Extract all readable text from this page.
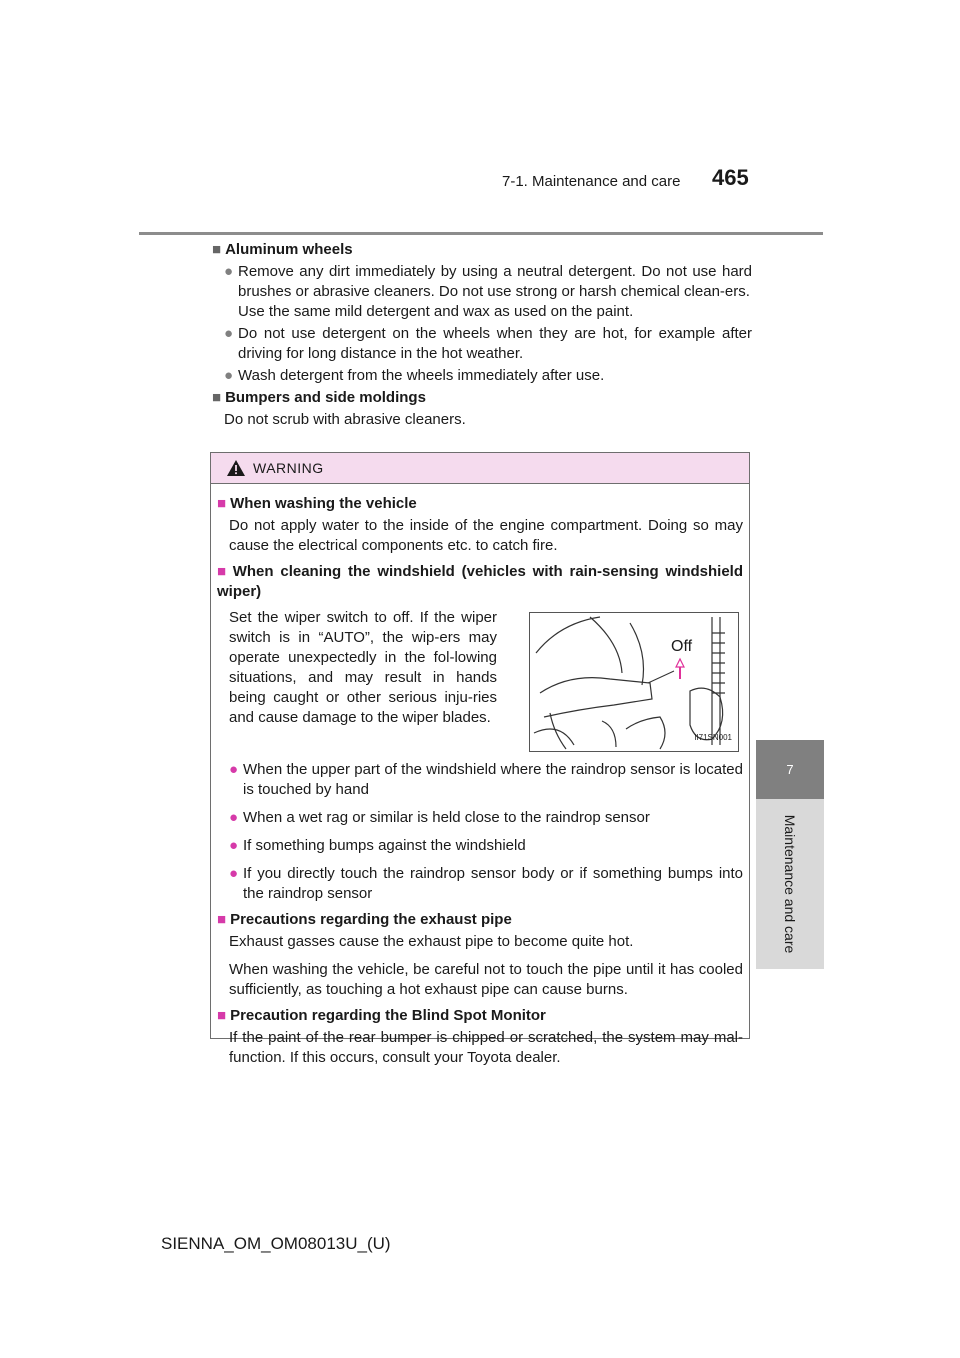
7-1. Maintenance and care 465
7
Maintenance and care

■ Aluminum wheels

● Remove any dirt immediately by using a neutral detergent. Do not use hard brushes or abrasive cleaners. Do not use strong or harsh chemical clean-ers.
Use the same mild detergent and wax as used on the paint.
● Do not use detergent on the wheels when they are hot, for example after driving for long distance in the hot weather.
● Wash detergent from the wheels immediately after use.

■ Bumpers and side moldings

Do not scrub with abrasive cleaners.
WARNING

■ When washing the vehicle

Do not apply water to the inside of the engine compartment. Doing so may cause the electrical components etc. to catch fire.

■ When cleaning the windshield (vehicles with rain-sensing windshield wiper)

Set the wiper switch to off. If the wiper switch is in “AUTO”, the wip-ers may operate unexpectedly in the fol-lowing situations, and may result in hands being caught or other serious inju-ries and cause damage to the wiper blades.
Off
II71SN001
● When the upper part of the windshield where the raindrop sensor is located is touched by hand
● When a wet rag or similar is held close to the raindrop sensor
● If something bumps against the windshield
● If you directly touch the raindrop sensor body or if something bumps into the raindrop sensor

■ Precautions regarding the exhaust pipe

Exhaust gasses cause the exhaust pipe to become quite hot.
When washing the vehicle, be careful not to touch the pipe until it has cooled sufficiently, as touching a hot exhaust pipe can cause burns.

■ Precaution regarding the Blind Spot Monitor

If the paint of the rear bumper is chipped or scratched, the system may mal-function. If this occurs, consult your Toyota dealer.
SIENNA_OM_OM08013U_(U)
